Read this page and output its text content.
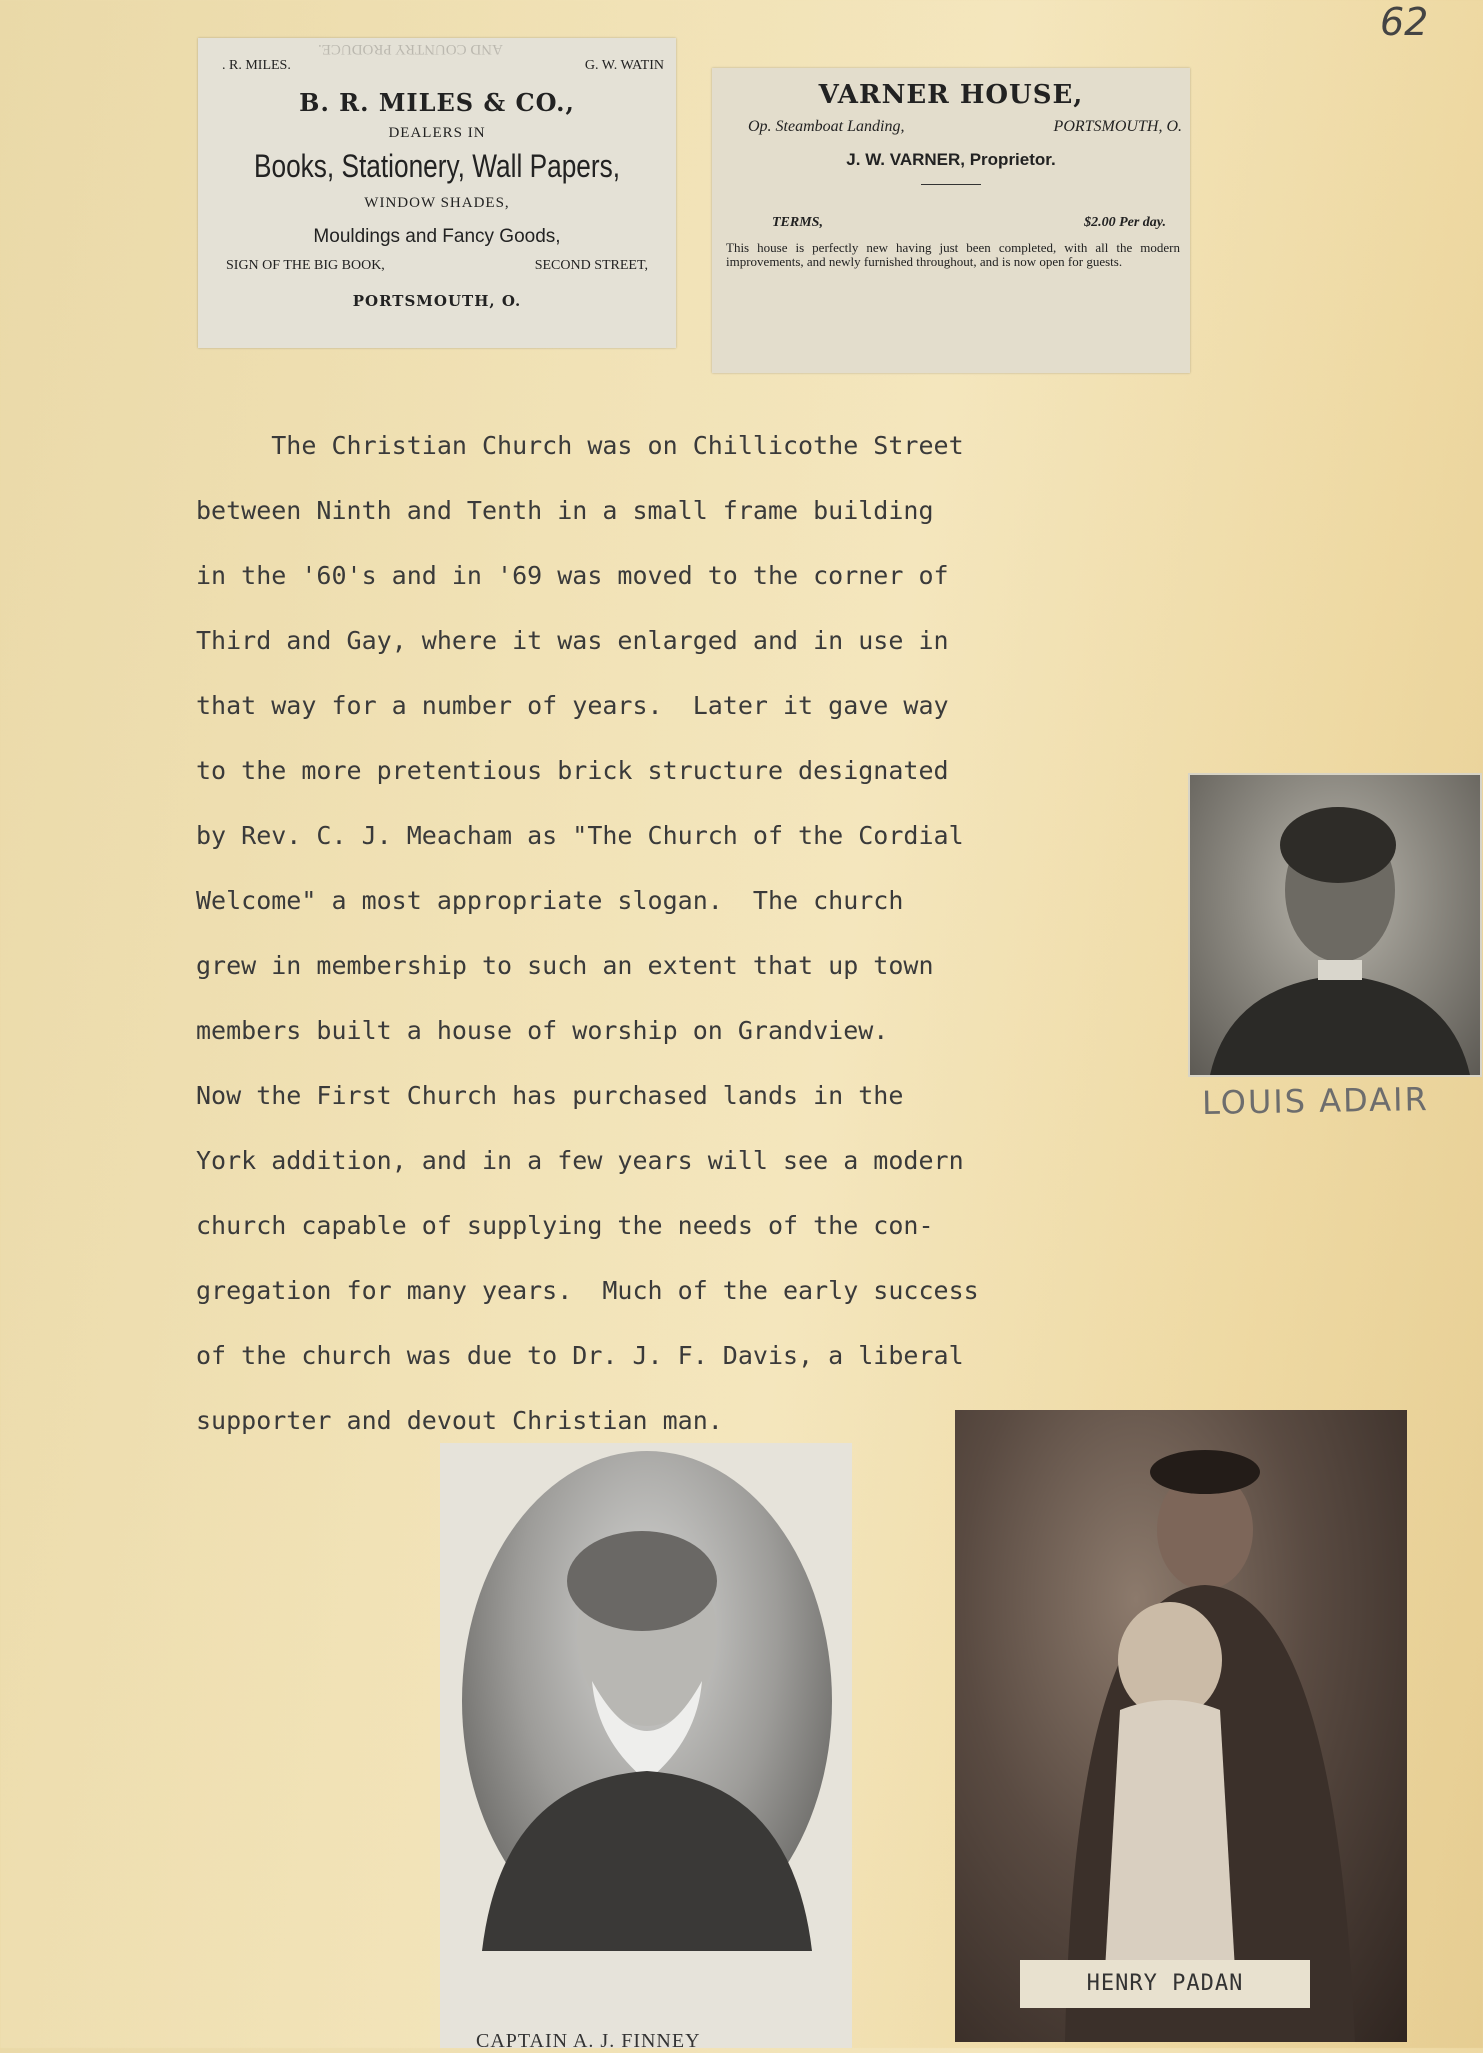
62
AND COUNTRY PRODUCE.
. R. MILES.	G. W. WATIN
B. R. MILES & CO.,
DEALERS IN
Books, Stationery, Wall Papers,
WINDOW SHADES,
Mouldings and Fancy Goods,
SIGN OF THE BIG BOOK,	SECOND STREET,
PORTSMOUTH, O.
VARNER HOUSE,
Op. Steamboat Landing,	PORTSMOUTH, O.
J. W. VARNER, Proprietor.
TERMS,	$2.00 Per day.
This house is perfectly new having just been completed, with all the modern improvements, and newly furnished throughout, and is now open for guests.
The Christian Church was on Chillicothe Street
between Ninth and Tenth in a small frame building
in the '60's and in '69 was moved to the corner of
Third and Gay, where it was enlarged and in use in
that way for a number of years.  Later it gave way
to the more pretentious brick structure designated
by Rev. C. J. Meacham as "The Church of the Cordial
Welcome" a most appropriate slogan.  The church
grew in membership to such an extent that up town
members built a house of worship on Grandview.
Now the First Church has purchased lands in the
York addition, and in a few years will see a modern
church capable of supplying the needs of the con-
gregation for many years.  Much of the early success
of the church was due to Dr. J. F. Davis, a liberal
supporter and devout Christian man.
LOUIS ADAIR
CAPTAIN A. J. FINNEY
HENRY PADAN
